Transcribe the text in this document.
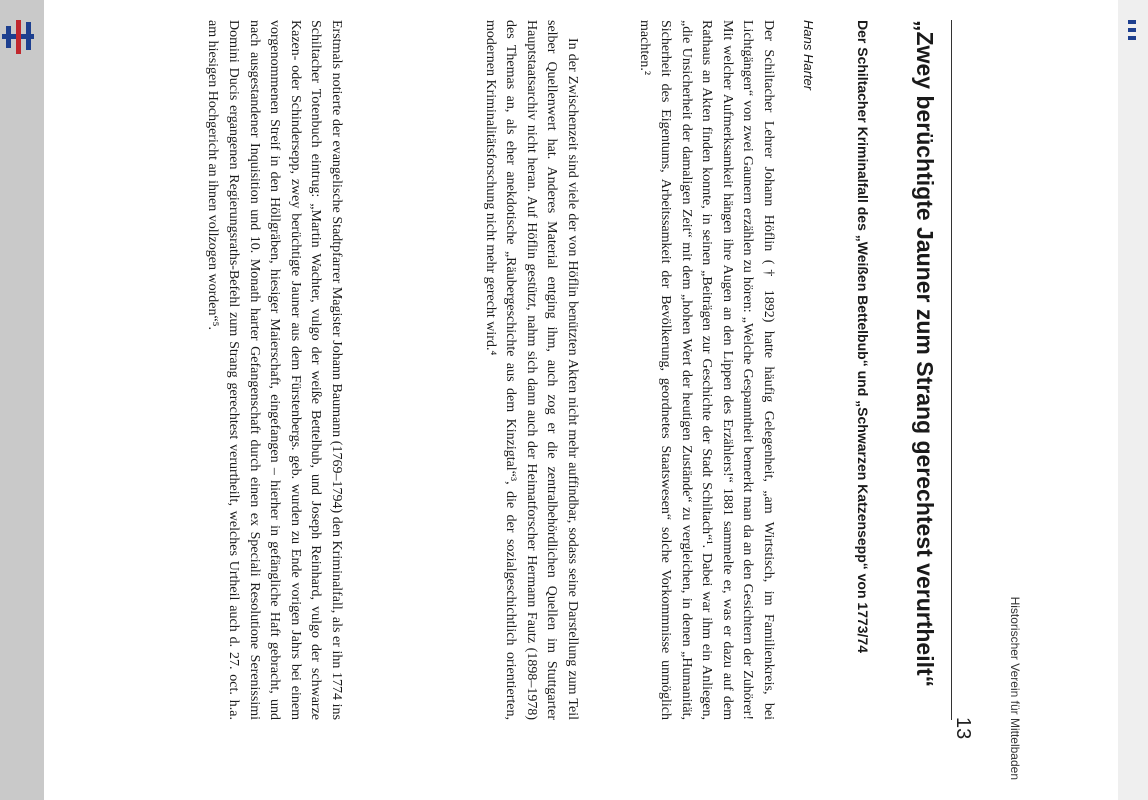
Historischer Verein für Mittelbaden
13
„Zwey berüchtigte Jauner zum Strang gerechtest verurtheilt“
Der Schiltacher Kriminalfall des „Weißen Bettelbub“ und „Schwarzen Katzensepp“ von 1773/74
Hans Harter

Der Schiltacher Lehrer Johann Höflin († 1892) hatte häufig Gelegenheit, „am Wirtstisch, im Familienkreis, bei Lichtgängen“ von zwei Gaunern erzählen zu hören: „Welche Gespanntheit bemerkt man da an den Gesichtern der Zuhörer! Mit welcher Aufmerksamkeit hängen ihre Augen an den Lippen des Erzählers!“ 1881 sammelte er, was er dazu auf dem Rathaus an Akten finden konnte, in seinen „Beiträgen zur Geschichte der Stadt Schiltach“¹. Dabei war ihm ein Anliegen, „die Unsicherheit der damaligen Zeit“ mit dem „hohen Wert der heutigen Zustände“ zu vergleichen, in denen „Humanität, Sicherheit des Eigentums, Arbeitssamkeit der Bevölkerung, geordnetes Staatswesen“ solche Vorkommnisse unmöglich machten.²

In der Zwischenzeit sind viele der von Höflin benützten Akten nicht mehr auffindbar, sodass seine Darstellung zum Teil selber Quellenwert hat. Anderes Material entging ihm, auch zog er die zentralbehördlichen Quellen im Stuttgarter Hauptstaatsarchiv nicht heran. Auf Höflin gestützt, nahm sich dann auch der Heimatforscher Hermann Fautz (1898–1978) des Themas an, als eher anekdotische „Räubergeschichte aus dem Kinzigtal“³, die der sozialgeschichtlich orientierten, modernen Kriminalitätsforschung nicht mehr gerecht wird.⁴

Erstmals notierte der evangelische Stadtpfarrer Magister Johann Baumann (1769–1794) den Kriminalfall, als er ihn 1774 ins Schiltacher Totenbuch eintrug: „Martin Wachter, vulgo der weiße Bettelbub, und Joseph Reinhard, vulgo der schwarze Kazen- oder Schindersepp, zwey berüchtigte Jauner aus dem Fürstenbergs. geb. wurden zu Ende vorigen Jahrs bei einem vorgenommenen Streif in den Höllgräben, hiesiger Maierschaft, eingefangen – hierher in gefängliche Haft gebracht, und nach ausgestandener Inquisition und 10. Monath harter Gefangenschaft durch einen ex Speciali Resolutione Serenissimi Domini Ducis ergangenen Regierungsraths-Befehl zum Strang gerechtest verurtheilt, welches Urtheil auch d. 27. oct. h.a. am hiesigen Hochgericht an ihnen vollzogen worden“⁵.
